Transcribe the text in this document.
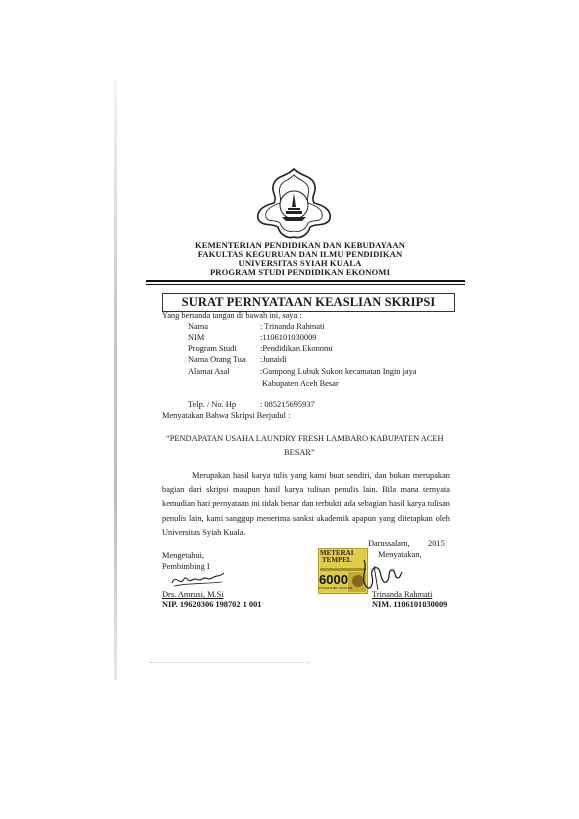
KEMENTERIAN PENDIDIKAN DAN KEBUDAYAAN
FAKULTAS KEGURUAN DAN ILMU PENDIDIKAN
UNIVERSITAS SYIAH KUALA
PROGRAM STUDI PENDIDIKAN EKONOMI
SURAT PERNYATAAN KEASLIAN SKRIPSI
Yang bertanda tangan di bawah ini, saya :
Nama	: Trinanda Rahmati
NIM	:1106101030009
Program Studi	:Pendidikan Ekonomi
Nama Orang Tua :Junaidi
Alamat Asal	:Gampong Lubuk Sukon kecamatan Ingin jaya
Kabupaten Aceh Besar
Telp. / No. Hp	: 085215695937
Menyatakan Bahwa Skripsi Berjudul :
“PENDAPATAN USAHA LAUNDRY FRESH LAMBARO KABUPATEN ACEH
BESAR”
Merupakan hasil karya tulis yang kami buat sendiri, dan bukan merupakan bagian dari skripsi maupun hasil karya tulisan penulis lain. Bila mana ternyata kemudian hari pernyataan ini tidak benar dan terbukti ada sebagian hasil karya tulisan penulis lain, kami sanggup menerima sanksi akademik apapun yang ditetapkan oleh Universitas Syiah Kuala.
Darussalam, 2015
Mengetahui,
Pembimbing I
Drs. Amrusi, M.Si
NIP. 19620306 198702 1 001
Menyatakan,
METERAI
TEMPEL
6000
ENAM RIBU RUPIAH
Trinanda Rahmati
NIM. 1106101030009
